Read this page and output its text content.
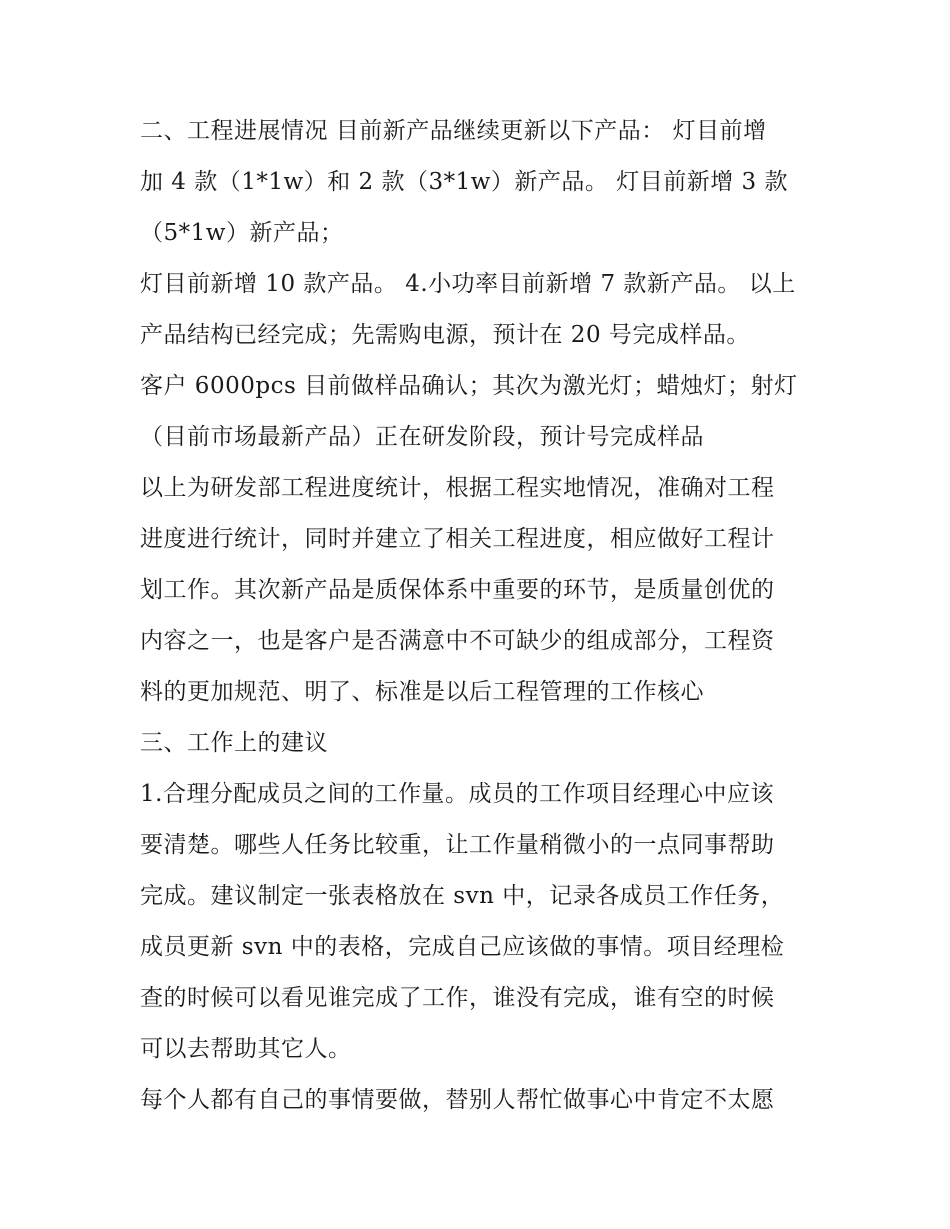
二、工程进展情况 目前新产品继续更新以下产品： 灯目前增
加 4 款（1*1w）和 2 款（3*1w）新产品。 灯目前新增 3 款
（5*1w）新产品；
灯目前新增 10 款产品。 4.小功率目前新增 7 款新产品。 以上
产品结构已经完成；先需购电源，预计在 20 号完成样品。
客户 6000pcs 目前做样品确认；其次为激光灯；蜡烛灯；射灯
（目前市场最新产品）正在研发阶段，预计号完成样品
以上为研发部工程进度统计，根据工程实地情况，准确对工程
进度进行统计，同时并建立了相关工程进度，相应做好工程计
划工作。其次新产品是质保体系中重要的环节，是质量创优的
内容之一，也是客户是否满意中不可缺少的组成部分，工程资
料的更加规范、明了、标准是以后工程管理的工作核心
三、工作上的建议
1.合理分配成员之间的工作量。成员的工作项目经理心中应该
要清楚。哪些人任务比较重，让工作量稍微小的一点同事帮助
完成。建议制定一张表格放在 svn 中，记录各成员工作任务，
成员更新 svn 中的表格，完成自己应该做的事情。项目经理检
查的时候可以看见谁完成了工作，谁没有完成，谁有空的时候
可以去帮助其它人。
每个人都有自己的事情要做，替别人帮忙做事心中肯定不太愿
